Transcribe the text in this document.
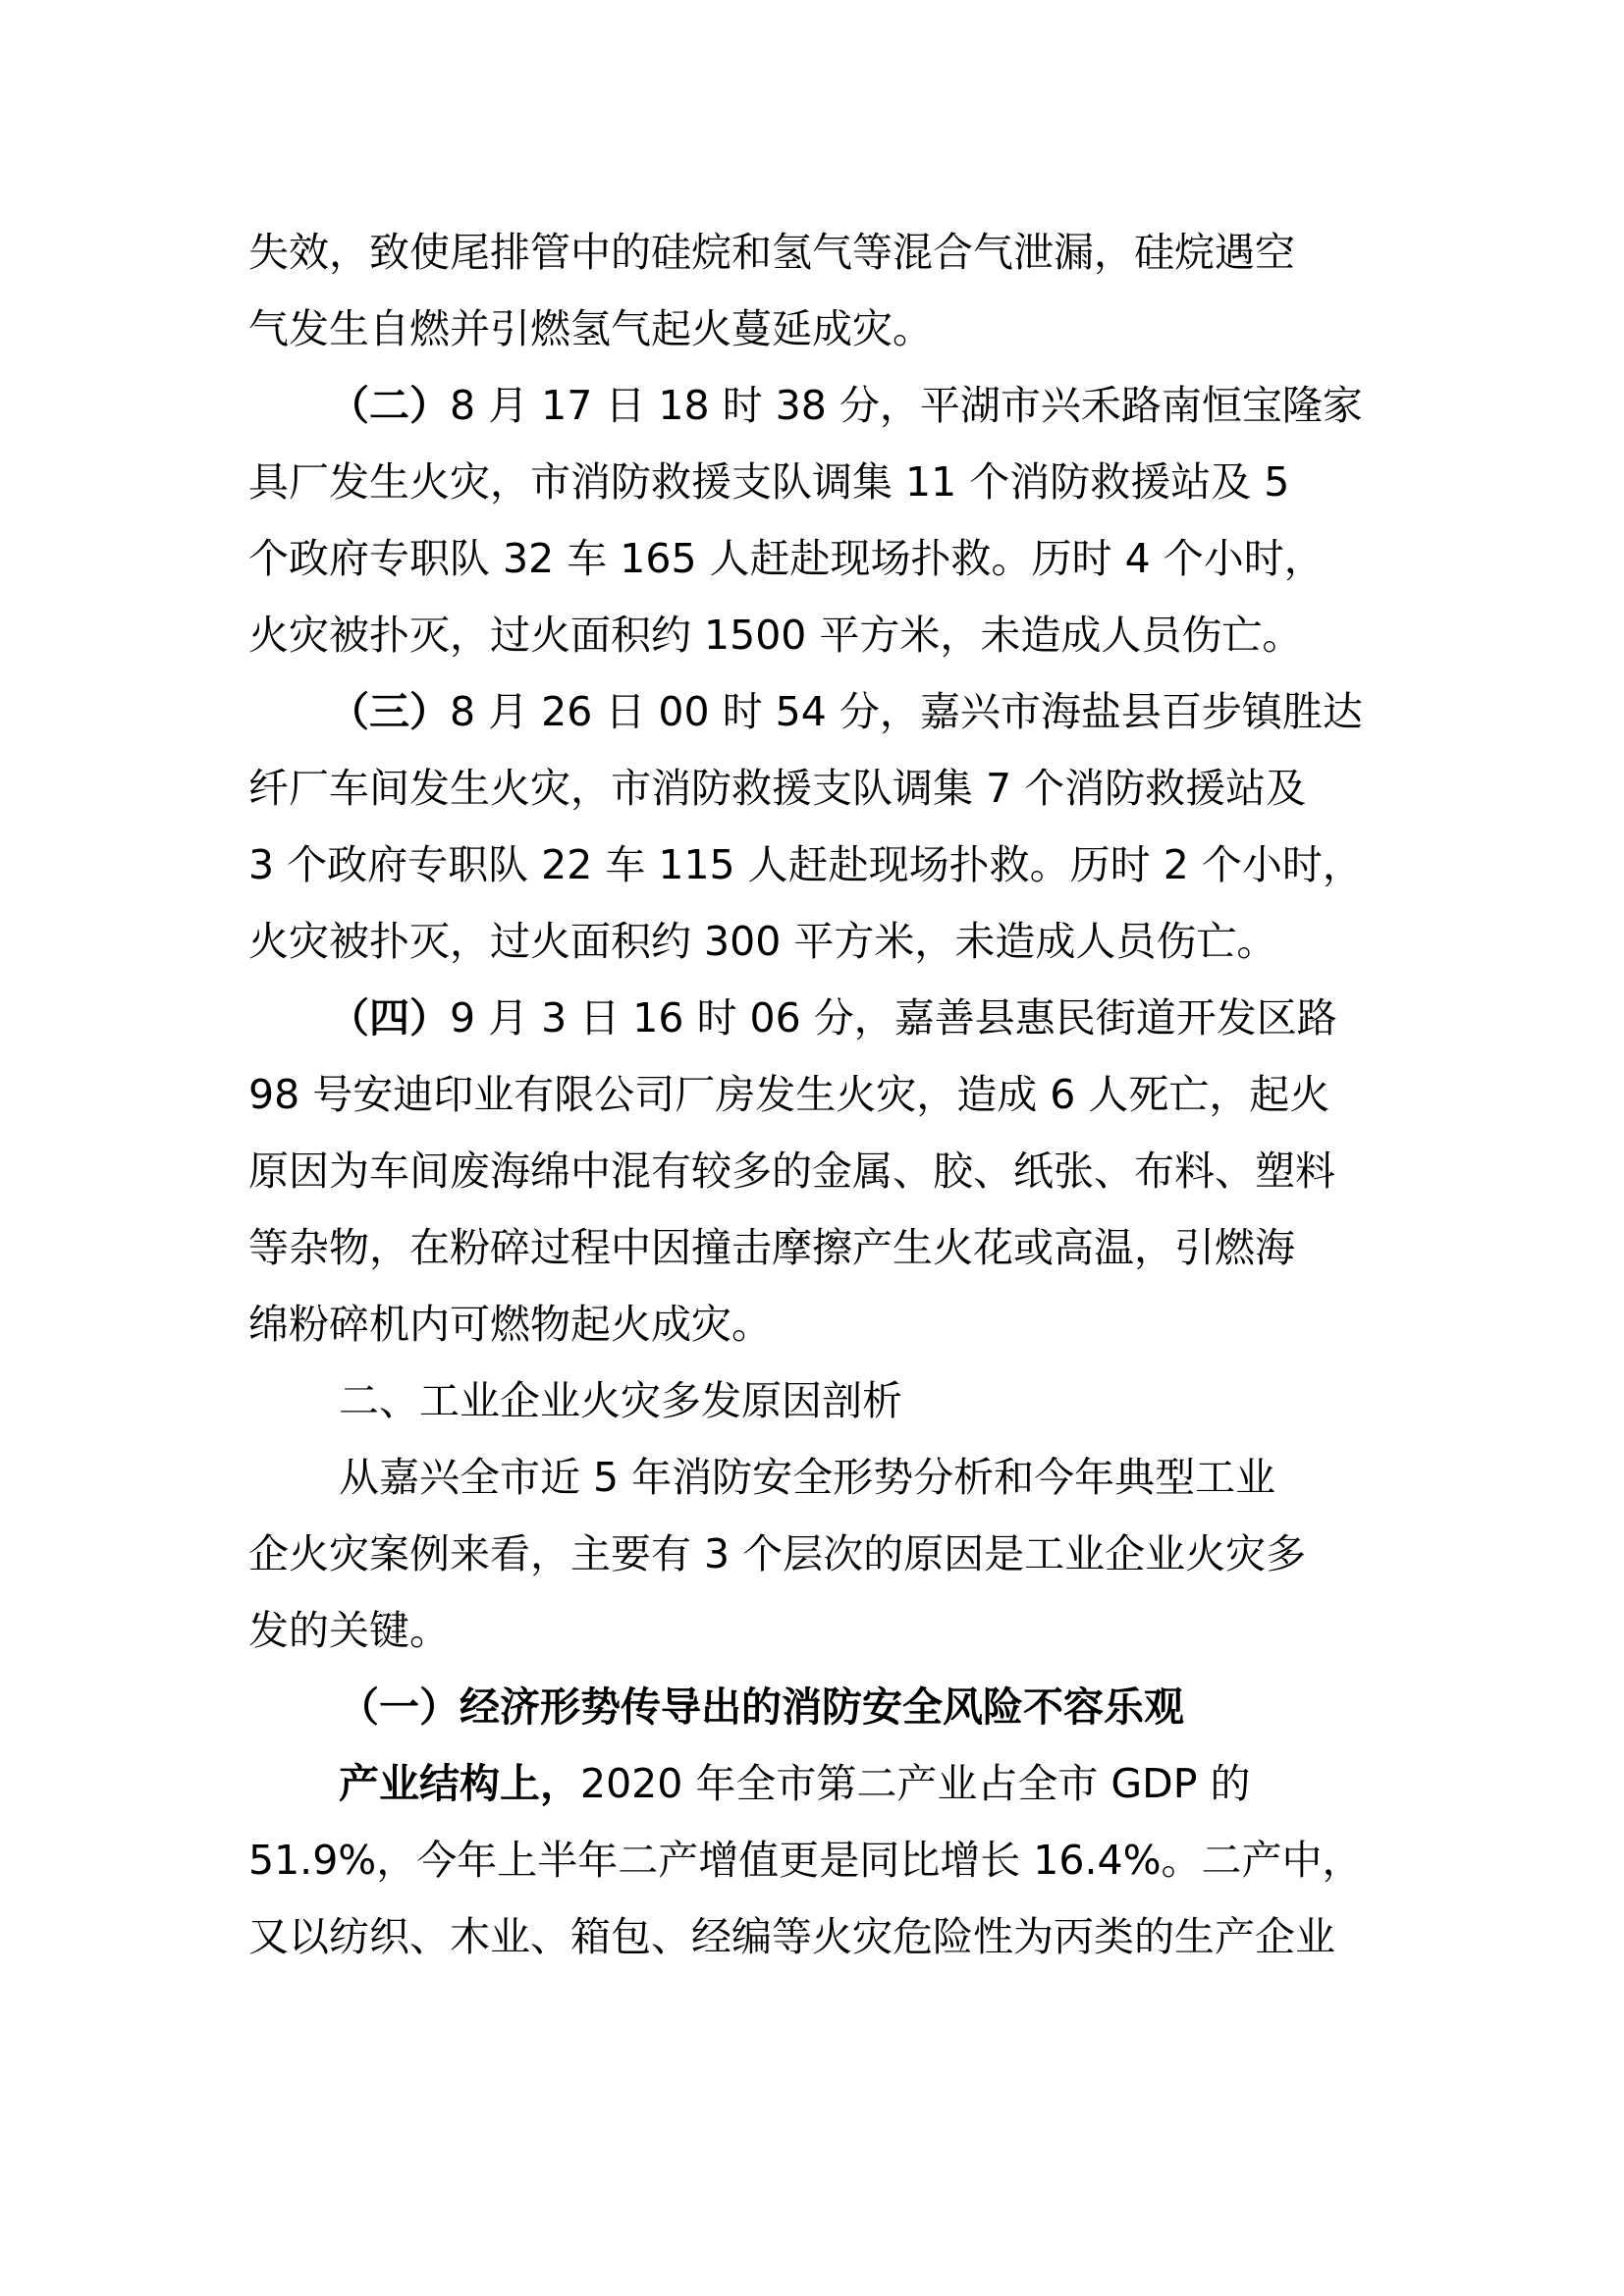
失效，致使尾排管中的硅烷和氢气等混合气泄漏，硅烷遇空
气发生自燃并引燃氢气起火蔓延成灾。
（二）8 月 17 日 18 时 38 分，平湖市兴禾路南恒宝隆家
具厂发生火灾，市消防救援支队调集 11 个消防救援站及 5
个政府专职队 32 车 165 人赶赴现场扑救。历时 4 个小时，
火灾被扑灭，过火面积约 1500 平方米，未造成人员伤亡。
（三）8 月 26 日 00 时 54 分，嘉兴市海盐县百步镇胜达
纤厂车间发生火灾，市消防救援支队调集 7 个消防救援站及
3 个政府专职队 22 车 115 人赶赴现场扑救。历时 2 个小时，
火灾被扑灭，过火面积约 300 平方米，未造成人员伤亡。
（四）9 月 3 日 16 时 06 分，嘉善县惠民街道开发区路
98 号安迪印业有限公司厂房发生火灾，造成 6 人死亡，起火
原因为车间废海绵中混有较多的金属、胶、纸张、布料、塑料
等杂物，在粉碎过程中因撞击摩擦产生火花或高温，引燃海
绵粉碎机内可燃物起火成灾。
二、工业企业火灾多发原因剖析
从嘉兴全市近 5 年消防安全形势分析和今年典型工业
企火灾案例来看，主要有 3 个层次的原因是工业企业火灾多
发的关键。
（一）经济形势传导出的消防安全风险不容乐观
产业结构上，2020 年全市第二产业占全市 GDP 的
51.9%，今年上半年二产增值更是同比增长 16.4%。二产中，
又以纺织、木业、箱包、经编等火灾危险性为丙类的生产企业
